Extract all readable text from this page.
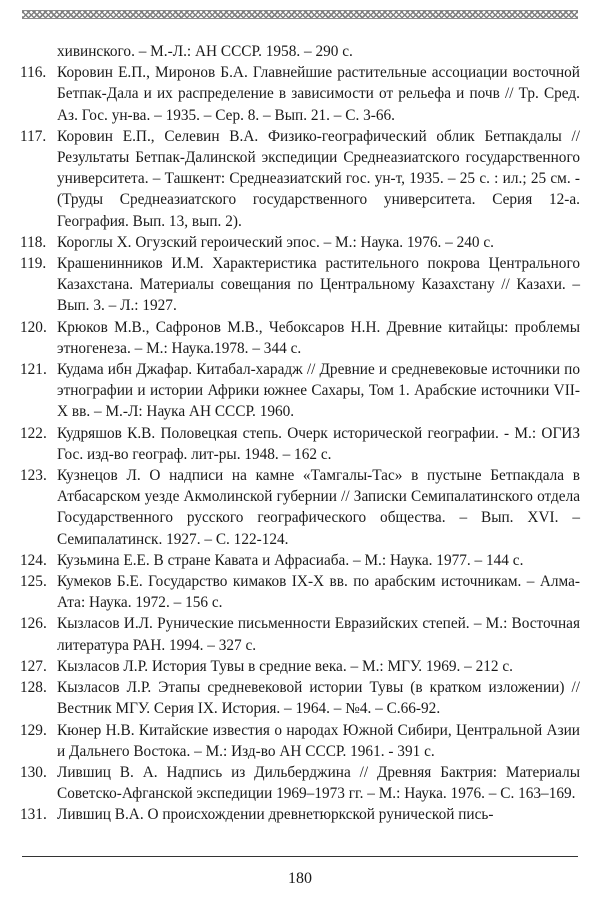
хивинского. – М.-Л.: АН СССР. 1958. – 290 с.
116. Коровин Е.П., Миронов Б.А. Главнейшие растительные ассоциации восточной Бетпак-Дала и их распределение в зависимости от рельефа и почв // Тр. Сред. Аз. Гос. ун-ва. – 1935. – Сер. 8. – Вып. 21. – С. 3-66.
117. Коровин Е.П., Селевин В.А. Физико-географический облик Бетпакдалы // Результаты Бетпак-Далинской экспедиции Среднеазиатского государственного университета. – Ташкент: Среднеазиатский гос. ун-т, 1935. – 25 с. : ил.; 25 см. - (Труды Среднеазиатского государственного университета. Серия 12-а. География. Вып. 13, вып. 2).
118. Короглы Х. Огузский героический эпос. – М.: Наука. 1976. – 240 с.
119. Крашенинников И.М. Характеристика растительного покрова Центрального Казахстана. Материалы совещания по Центральному Казахстану // Казахи. – Вып. 3. – Л.: 1927.
120. Крюков М.В., Сафронов М.В., Чебоксаров Н.Н. Древние китайцы: проблемы этногенеза. – М.: Наука.1978. – 344 с.
121. Кудама ибн Джафар. Китабал-харадж // Древние и средневековые источники по этнографии и истории Африки южнее Сахары, Том 1. Арабские источники VII-X вв. – М.-Л: Наука АН СССР. 1960.
122. Кудряшов К.В. Половецкая степь. Очерк исторической географии. - М.: ОГИЗ Гос. изд-во географ. лит-ры. 1948. – 162 с.
123. Кузнецов Л. О надписи на камне «Тамгалы-Тас» в пустыне Бетпакдала в Атбасарском уезде Акмолинской губернии // Записки Семипалатинского отдела Государственного русского географического общества. – Вып. XVI. – Семипалатинск. 1927. – С. 122-124.
124. Кузьмина Е.Е. В стране Кавата и Афрасиаба. – М.: Наука. 1977. – 144 с.
125. Кумеков Б.Е. Государство кимаков IX-X вв. по арабским источникам. – Алма-Ата: Наука. 1972. – 156 с.
126. Кызласов И.Л. Рунические письменности Евразийских степей. – М.: Восточная литература РАН. 1994. – 327 с.
127. Кызласов Л.Р. История Тувы в средние века. – М.: МГУ. 1969. – 212 с.
128. Кызласов Л.Р. Этапы средневековой истории Тувы (в кратком изложении) // Вестник МГУ. Серия IX. История. – 1964. – №4. – С.66-92.
129. Кюнер Н.В. Китайские известия о народах Южной Сибири, Центральной Азии и Дальнего Востока. – М.: Изд-во АН СССР. 1961. - 391 с.
130. Лившиц В. А. Надпись из Дильберджина // Древняя Бактрия: Материалы Советско-Афганской экспедиции 1969–1973 гг. – М.: Наука. 1976. – С. 163–169.
131. Лившиц В.А. О происхождении древнетюркской рунической пись-
180
